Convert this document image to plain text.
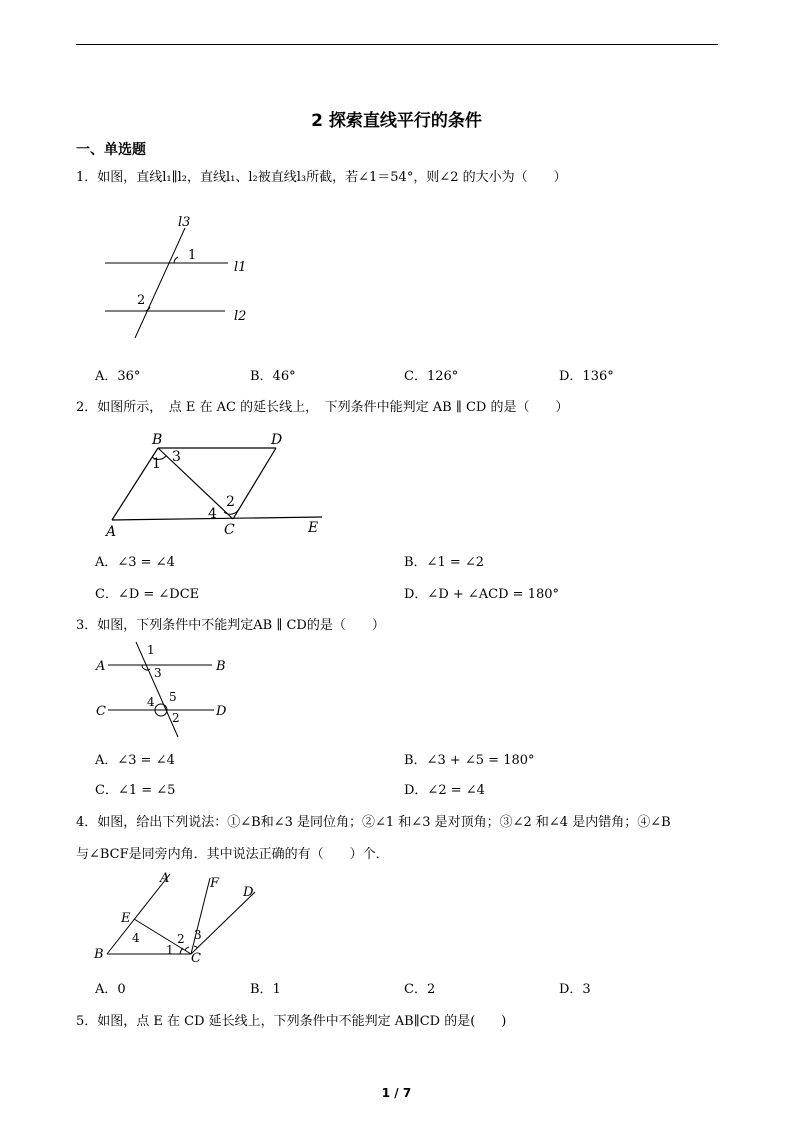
2 探索直线平行的条件
一、单选题
1．如图，直线l₁∥l₂，直线l₁、l₂被直线l₃所截，若∠1＝54°，则∠2 的大小为（　　）
l3
1
l1
2
l2
A．36°	B．46°	C．126°	D．136°
2．如图所示，　点 E 在 AC 的延长线上，　下列条件中能判定 AB ∥ CD 的是（　　）
B	D
1 3
2
4
A	C	E
A．∠3 = ∠4	B．∠1 = ∠2
C．∠D = ∠DCE	D．∠D + ∠ACD = 180°
3．如图，下列条件中不能判定AB ∥ CD的是（　　）
A
1
3	B
5
4
C	2	D
A．∠3 = ∠4	B．∠3 + ∠5 = 180°
C．∠1 = ∠5	D．∠2 = ∠4
4．如图，给出下列说法：①∠B和∠3 是同位角；②∠1 和∠3 是对顶角；③∠2 和∠4 是内错角；④∠B
与∠BCF是同旁内角．其中说法正确的有（　　）个．
A	F
D
E
4	2 3
1
B	C
A．0	B．1	C．2	D．3
5．如图，点 E 在 CD 延长线上，下列条件中不能判定 AB∥CD 的是(　　)
1 / 7
